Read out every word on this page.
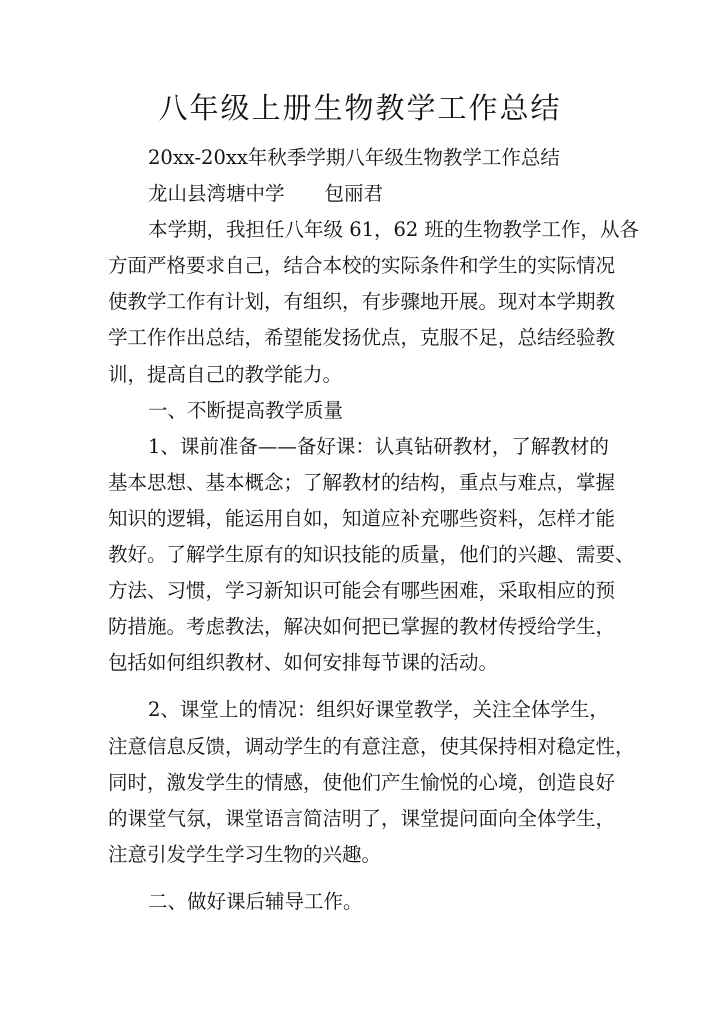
八年级上册生物教学工作总结
20xx-20xx年秋季学期八年级生物教学工作总结
龙山县湾塘中学 包丽君
本学期，我担任八年级 61，62 班的生物教学工作，从各
方面严格要求自己，结合本校的实际条件和学生的实际情况
使教学工作有计划，有组织，有步骤地开展。现对本学期教
学工作作出总结，希望能发扬优点，克服不足，总结经验教
训，提高自己的教学能力。
一、不断提高教学质量
1、课前准备——备好课：认真钻研教材，了解教材的
基本思想、基本概念；了解教材的结构，重点与难点，掌握
知识的逻辑，能运用自如，知道应补充哪些资料，怎样才能
教好。了解学生原有的知识技能的质量，他们的兴趣、需要、
方法、习惯，学习新知识可能会有哪些困难，采取相应的预
防措施。考虑教法，解决如何把已掌握的教材传授给学生，
包括如何组织教材、如何安排每节课的活动。
2、课堂上的情况：组织好课堂教学，关注全体学生，
注意信息反馈，调动学生的有意注意，使其保持相对稳定性，
同时，激发学生的情感，使他们产生愉悦的心境，创造良好
的课堂气氛，课堂语言简洁明了，课堂提问面向全体学生，
注意引发学生学习生物的兴趣。
二、做好课后辅导工作。
